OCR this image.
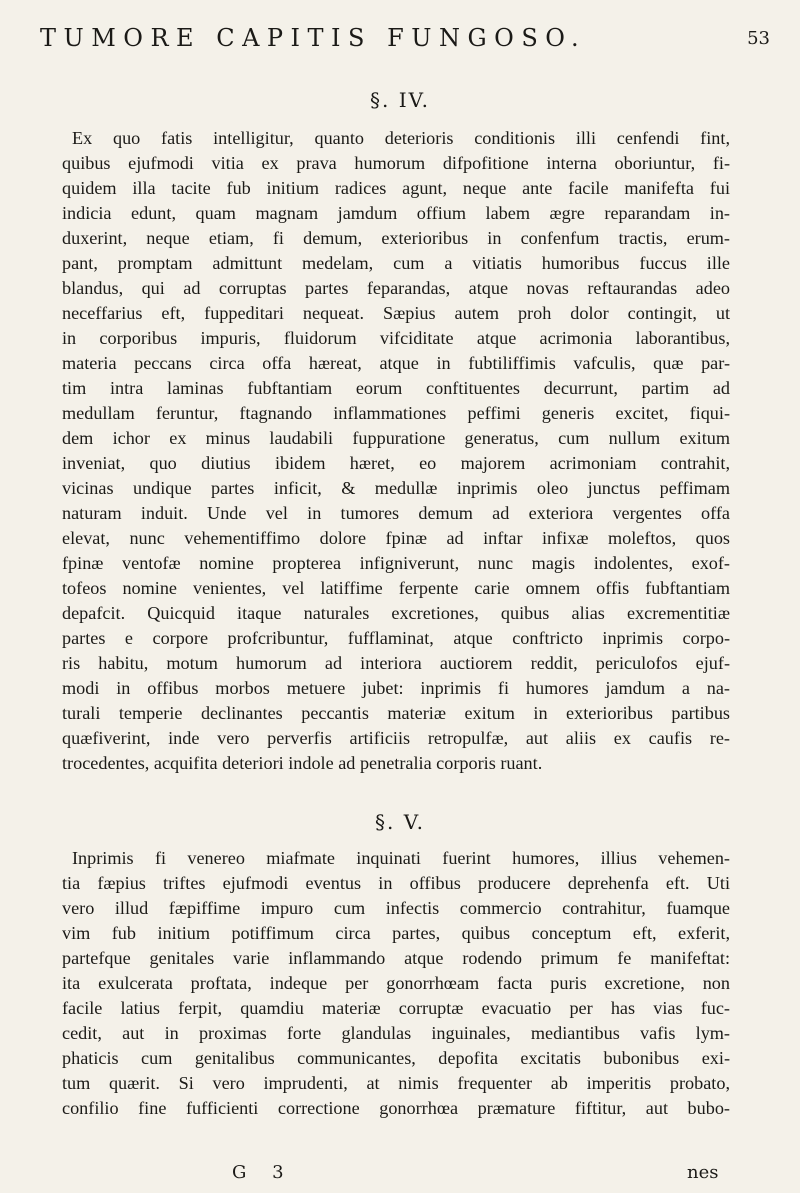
TUMORE CAPITIS FUNGOSO.	53
§. IV.
Ex quo fatis intelligitur, quanto deterioris conditionis illi cenfendi fint,
quibus ejufmodi vitia ex prava humorum difpofitione interna oboriuntur, fi-
quidem illa tacite fub initium radices agunt, neque ante facile manifefta fui
indicia edunt, quam magnam jamdum offium labem ægre reparandam in-
duxerint, neque etiam, fi demum, exterioribus in confenfum tractis, erum-
pant, promptam admittunt medelam, cum a vitiatis humoribus fuccus ille
blandus, qui ad corruptas partes feparandas, atque novas reftaurandas adeo
neceffarius eft, fuppeditari nequeat. Sæpius autem proh dolor contingit, ut
in corporibus impuris, fluidorum vifciditate atque acrimonia laborantibus,
materia peccans circa offa hæreat, atque in fubtiliffimis vafculis, quæ par-
tim intra laminas fubftantiam eorum conftituentes decurrunt, partim ad
medullam feruntur, ftagnando inflammationes peffimi generis excitet, fiqui-
dem ichor ex minus laudabili fuppuratione generatus, cum nullum exitum
inveniat, quo diutius ibidem hæret, eo majorem acrimoniam contrahit,
vicinas undique partes inficit, & medullæ inprimis oleo junctus peffimam
naturam induit. Unde vel in tumores demum ad exteriora vergentes offa
elevat, nunc vehementiffimo dolore fpinæ ad inftar infixæ moleftos, quos
fpinæ ventofæ nomine propterea infigniverunt, nunc magis indolentes, exof-
tofeos nomine venientes, vel latiffime ferpente carie omnem offis fubftantiam
depafcit. Quicquid itaque naturales excretiones, quibus alias excrementitiæ
partes e corpore profcribuntur, fufflaminat, atque conftricto inprimis corpo-
ris habitu, motum humorum ad interiora auctiorem reddit, periculofos ejuf-
modi in offibus morbos metuere jubet: inprimis fi humores jamdum a na-
turali temperie declinantes peccantis materiæ exitum in exterioribus partibus
quæfiverint, inde vero perverfis artificiis retropulfæ, aut aliis ex caufis re-
trocedentes, acquifita deteriori indole ad penetralia corporis ruant.
§. V.
Inprimis fi venereo miafmate inquinati fuerint humores, illius vehemen-
tia fæpius triftes ejufmodi eventus in offibus producere deprehenfa eft. Uti
vero illud fæpiffime impuro cum infectis commercio contrahitur, fuamque
vim fub initium potiffimum circa partes, quibus conceptum eft, exferit,
partefque genitales varie inflammando atque rodendo primum fe manifeftat:
ita exulcerata proftata, indeque per gonorrhœam facta puris excretione, non
facile latius ferpit, quamdiu materiæ corruptæ evacuatio per has vias fuc-
cedit, aut in proximas forte glandulas inguinales, mediantibus vafis lym-
phaticis cum genitalibus communicantes, depofita excitatis bubonibus exi-
tum quærit. Si vero imprudenti, at nimis frequenter ab imperitis probato,
confilio fine fufficienti correctione gonorrhœa præmature fiftitur, aut bubo-
G 3	nes
